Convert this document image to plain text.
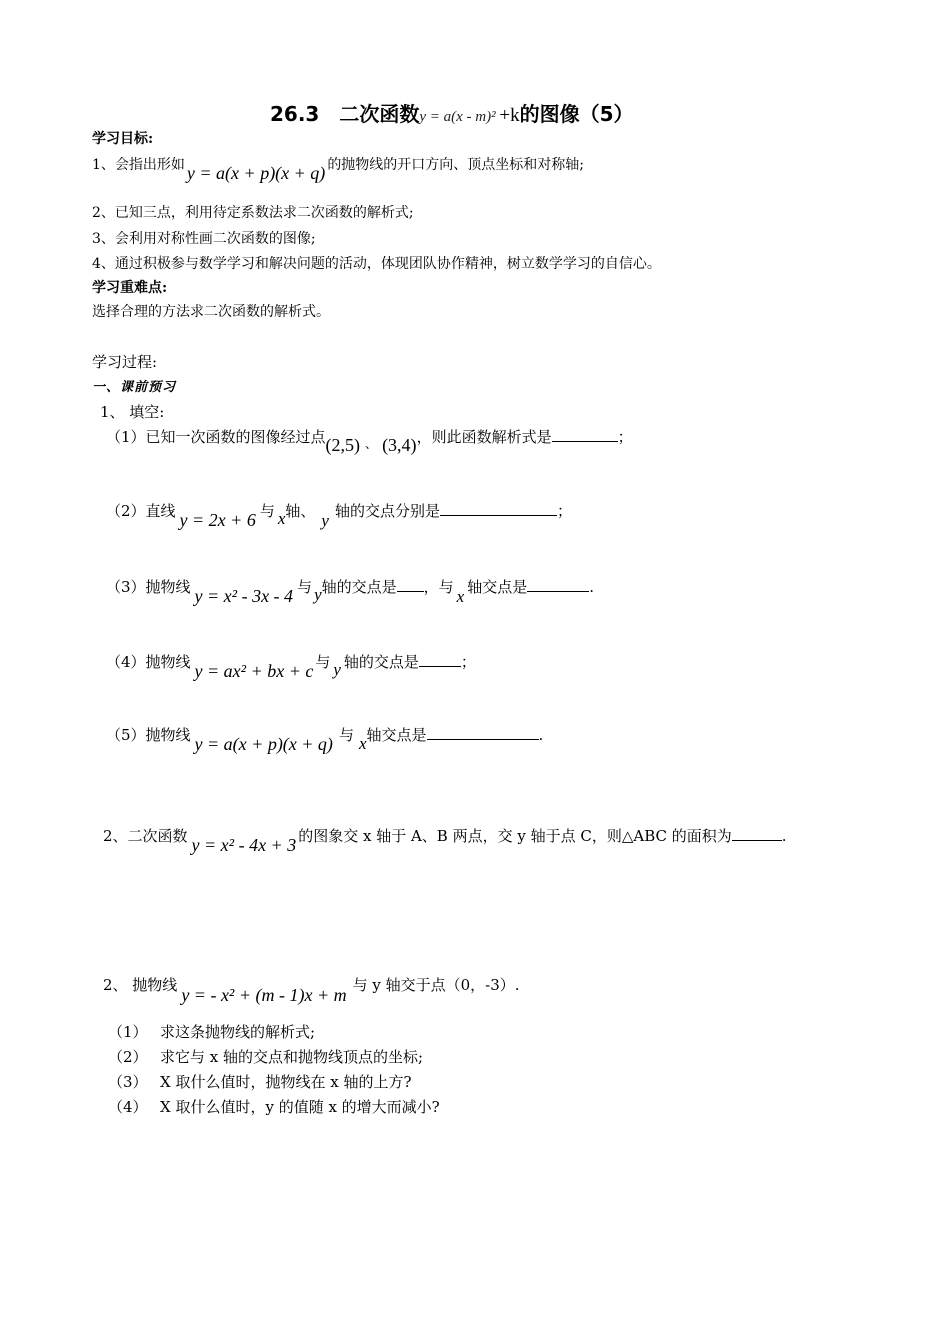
26.3　二次函数y = a(x - m)² +k的图像（5）
学习目标:
1、会指出形如 y = a(x + p)(x + q) 的抛物线的开口方向、顶点坐标和对称轴;
2、已知三点，利用待定系数法求二次函数的解析式;
3、会利用对称性画二次函数的图像;
4、通过积极参与数学学习和解决问题的活动，体现团队协作精神，树立数学学习的自信心。
学习重难点:
选择合理的方法求二次函数的解析式。
学习过程:
一、课前预习
1、 填空:
（1）已知一次函数的图像经过点(2,5) $_、$ (3,4)，则此函数解析式是	；
（2）直线 y = 2x + 6 与 x轴、 y 轴的交点分别是	；
（3）抛物线 y = x² - 3x - 4 与 y轴的交点是 ，与 x 轴交点是	.
（4）抛物线 y = ax² + bx + c 与 y 轴的交点是	；
（5）抛物线 y = a(x + p)(x + q) 与 x轴交点是	.
2、二次函数 y = x² - 4x + 3 的图象交 x 轴于 A、B 两点，交 y 轴于点 C，则△ABC 的面积为	.
2、 抛物线 y = - x² + (m - 1)x + m 与 y 轴交于点（0，-3）.
（1） 求这条抛物线的解析式;
（2） 求它与 x 轴的交点和抛物线顶点的坐标;
（3） X 取什么值时，抛物线在 x 轴的上方?
（4） X 取什么值时，y 的值随 x 的增大而减小?
